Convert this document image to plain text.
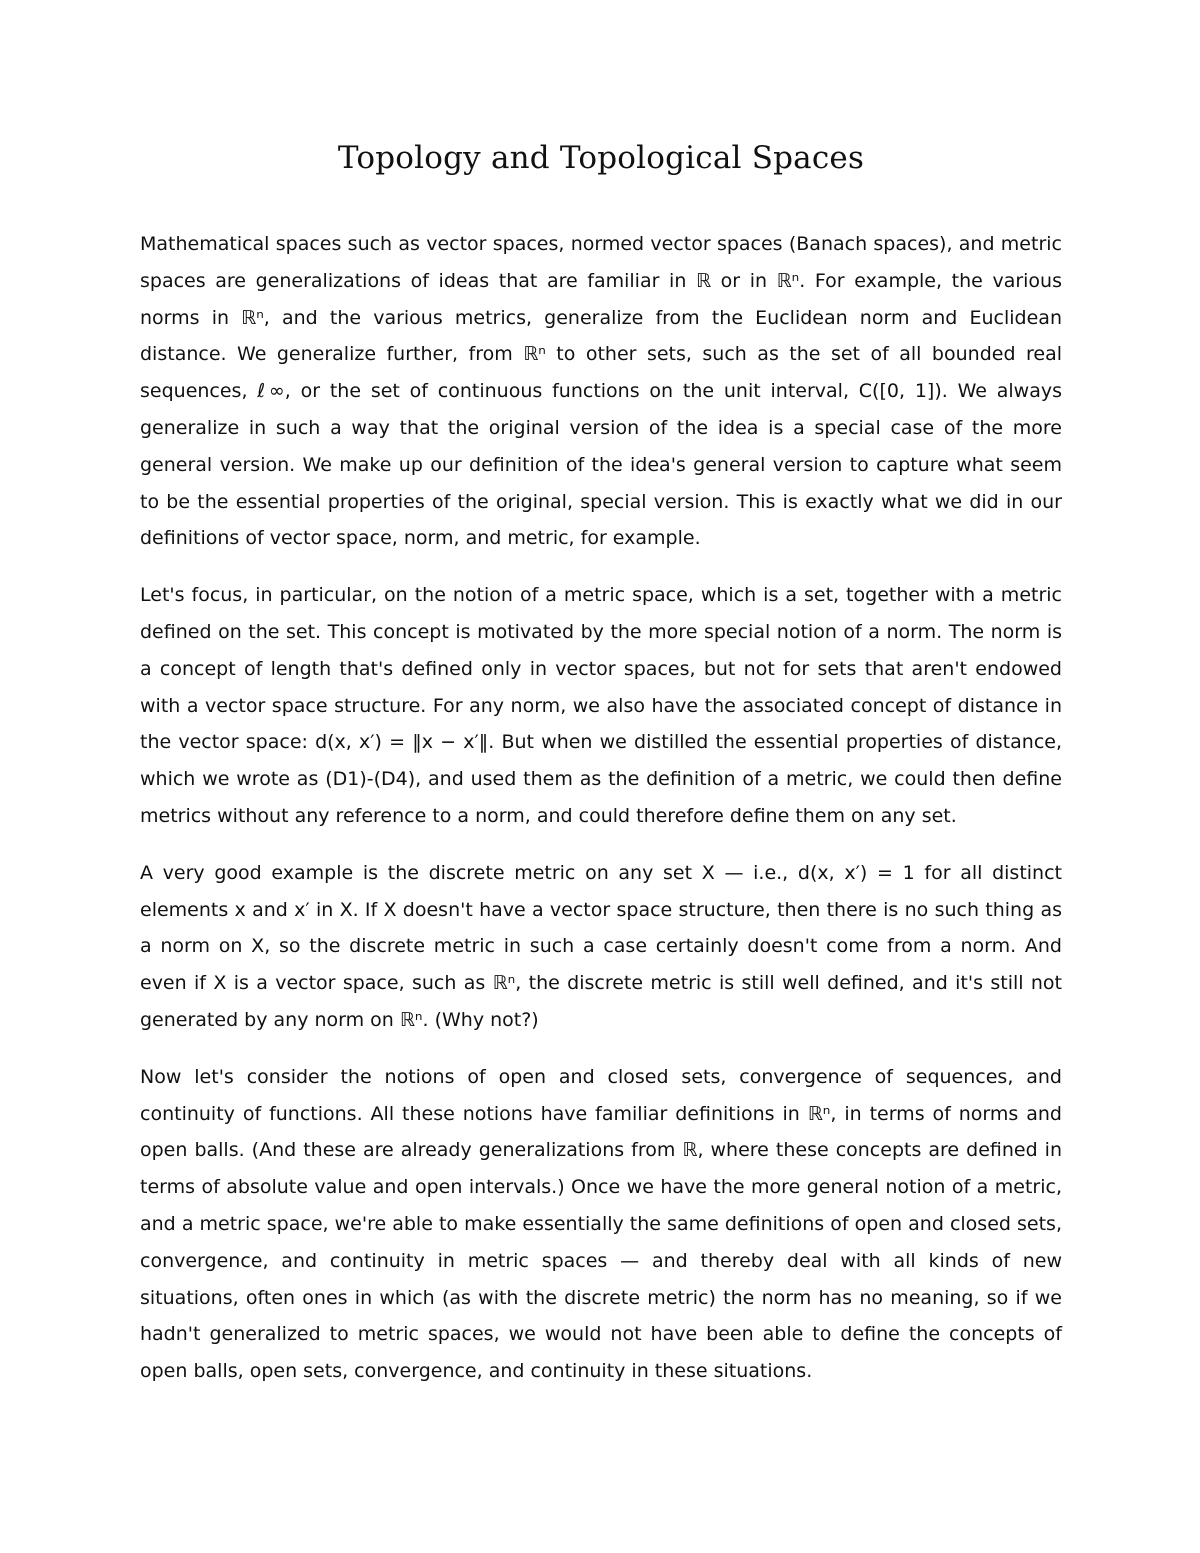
Topology and Topological Spaces

Mathematical spaces such as vector spaces, normed vector spaces (Banach spaces), and metric spaces are generalizations of ideas that are familiar in ℝ or in ℝⁿ. For example, the various norms in ℝⁿ, and the various metrics, generalize from the Euclidean norm and Euclidean distance. We generalize further, from ℝⁿ to other sets, such as the set of all bounded real sequences, ℓ∞, or the set of continuous functions on the unit interval, C([0, 1]). We always generalize in such a way that the original version of the idea is a special case of the more general version. We make up our definition of the idea's general version to capture what seem to be the essential properties of the original, special version. This is exactly what we did in our definitions of vector space, norm, and metric, for example.

Let's focus, in particular, on the notion of a metric space, which is a set, together with a metric defined on the set. This concept is motivated by the more special notion of a norm. The norm is a concept of length that's defined only in vector spaces, but not for sets that aren't endowed with a vector space structure. For any norm, we also have the associated concept of distance in the vector space: d(x, x′) = ‖x − x′‖. But when we distilled the essential properties of distance, which we wrote as (D1)-(D4), and used them as the definition of a metric, we could then define metrics without any reference to a norm, and could therefore define them on any set.

A very good example is the discrete metric on any set X — i.e., d(x, x′) = 1 for all distinct elements x and x′ in X. If X doesn't have a vector space structure, then there is no such thing as a norm on X, so the discrete metric in such a case certainly doesn't come from a norm. And even if X is a vector space, such as ℝⁿ, the discrete metric is still well defined, and it's still not generated by any norm on ℝⁿ. (Why not?)

Now let's consider the notions of open and closed sets, convergence of sequences, and continuity of functions. All these notions have familiar definitions in ℝⁿ, in terms of norms and open balls. (And these are already generalizations from ℝ, where these concepts are defined in terms of absolute value and open intervals.) Once we have the more general notion of a metric, and a metric space, we're able to make essentially the same definitions of open and closed sets, convergence, and continuity in metric spaces — and thereby deal with all kinds of new situations, often ones in which (as with the discrete metric) the norm has no meaning, so if we hadn't generalized to metric spaces, we would not have been able to define the concepts of open balls, open sets, convergence, and continuity in these situations.
